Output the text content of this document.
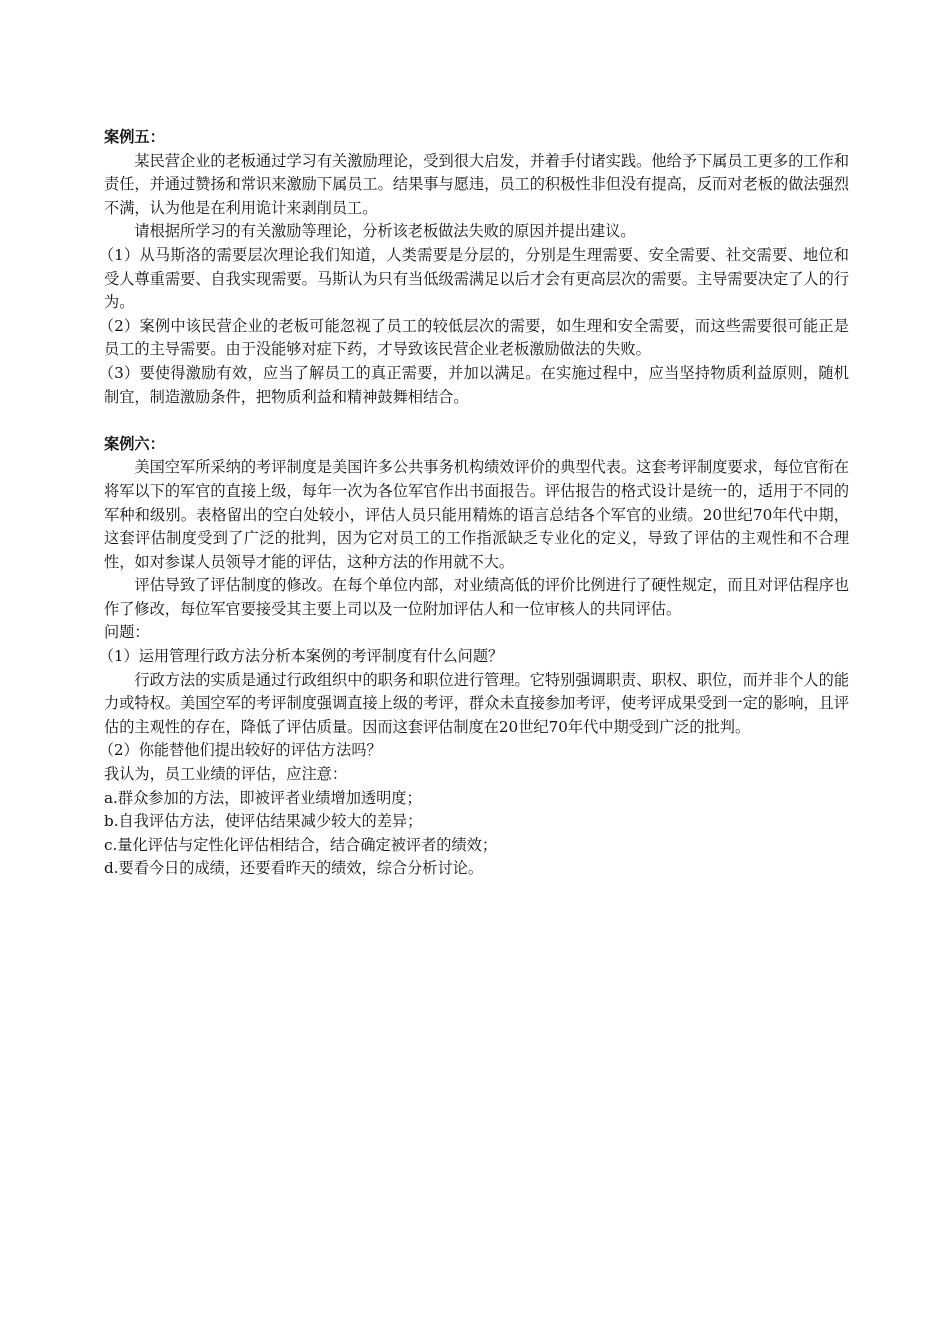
案例五：

某民营企业的老板通过学习有关激励理论，受到很大启发，并着手付诸实践。他给予下属员工更多的工作和责任，并通过赞扬和常识来激励下属员工。结果事与愿违，员工的积极性非但没有提高，反而对老板的做法强烈不满，认为他是在利用诡计来剥削员工。

请根据所学习的有关激励等理论，分析该老板做法失败的原因并提出建议。

（1）从马斯洛的需要层次理论我们知道，人类需要是分层的，分别是生理需要、安全需要、社交需要、地位和受人尊重需要、自我实现需要。马斯认为只有当低级需满足以后才会有更高层次的需要。主导需要决定了人的行为。

（2）案例中该民营企业的老板可能忽视了员工的较低层次的需要，如生理和安全需要，而这些需要很可能正是员工的主导需要。由于没能够对症下药，才导致该民营企业老板激励做法的失败。

（3）要使得激励有效，应当了解员工的真正需要，并加以满足。在实施过程中，应当坚持物质利益原则，随机制宜，制造激励条件，把物质利益和精神鼓舞相结合。

案例六：

美国空军所采纳的考评制度是美国许多公共事务机构绩效评价的典型代表。这套考评制度要求，每位官衔在将军以下的军官的直接上级，每年一次为各位军官作出书面报告。评估报告的格式设计是统一的，适用于不同的军种和级别。表格留出的空白处较小，评估人员只能用精炼的语言总结各个军官的业绩。20世纪70年代中期，这套评估制度受到了广泛的批判，因为它对员工的工作指派缺乏专业化的定义，导致了评估的主观性和不合理性，如对参谋人员领导才能的评估，这种方法的作用就不大。

评估导致了评估制度的修改。在每个单位内部，对业绩高低的评价比例进行了硬性规定，而且对评估程序也作了修改，每位军官要接受其主要上司以及一位附加评估人和一位审核人的共同评估。

问题：

（1）运用管理行政方法分析本案例的考评制度有什么问题？

行政方法的实质是通过行政组织中的职务和职位进行管理。它特别强调职责、职权、职位，而并非个人的能力或特权。美国空军的考评制度强调直接上级的考评，群众未直接参加考评，使考评成果受到一定的影响，且评估的主观性的存在，降低了评估质量。因而这套评估制度在20世纪70年代中期受到广泛的批判。

（2）你能替他们提出较好的评估方法吗？

我认为，员工业绩的评估，应注意：

a.群众参加的方法，即被评者业绩增加透明度；

b.自我评估方法，使评估结果减少较大的差异；

c.量化评估与定性化评估相结合，结合确定被评者的绩效；

d.要看今日的成绩，还要看昨天的绩效，综合分析讨论。
